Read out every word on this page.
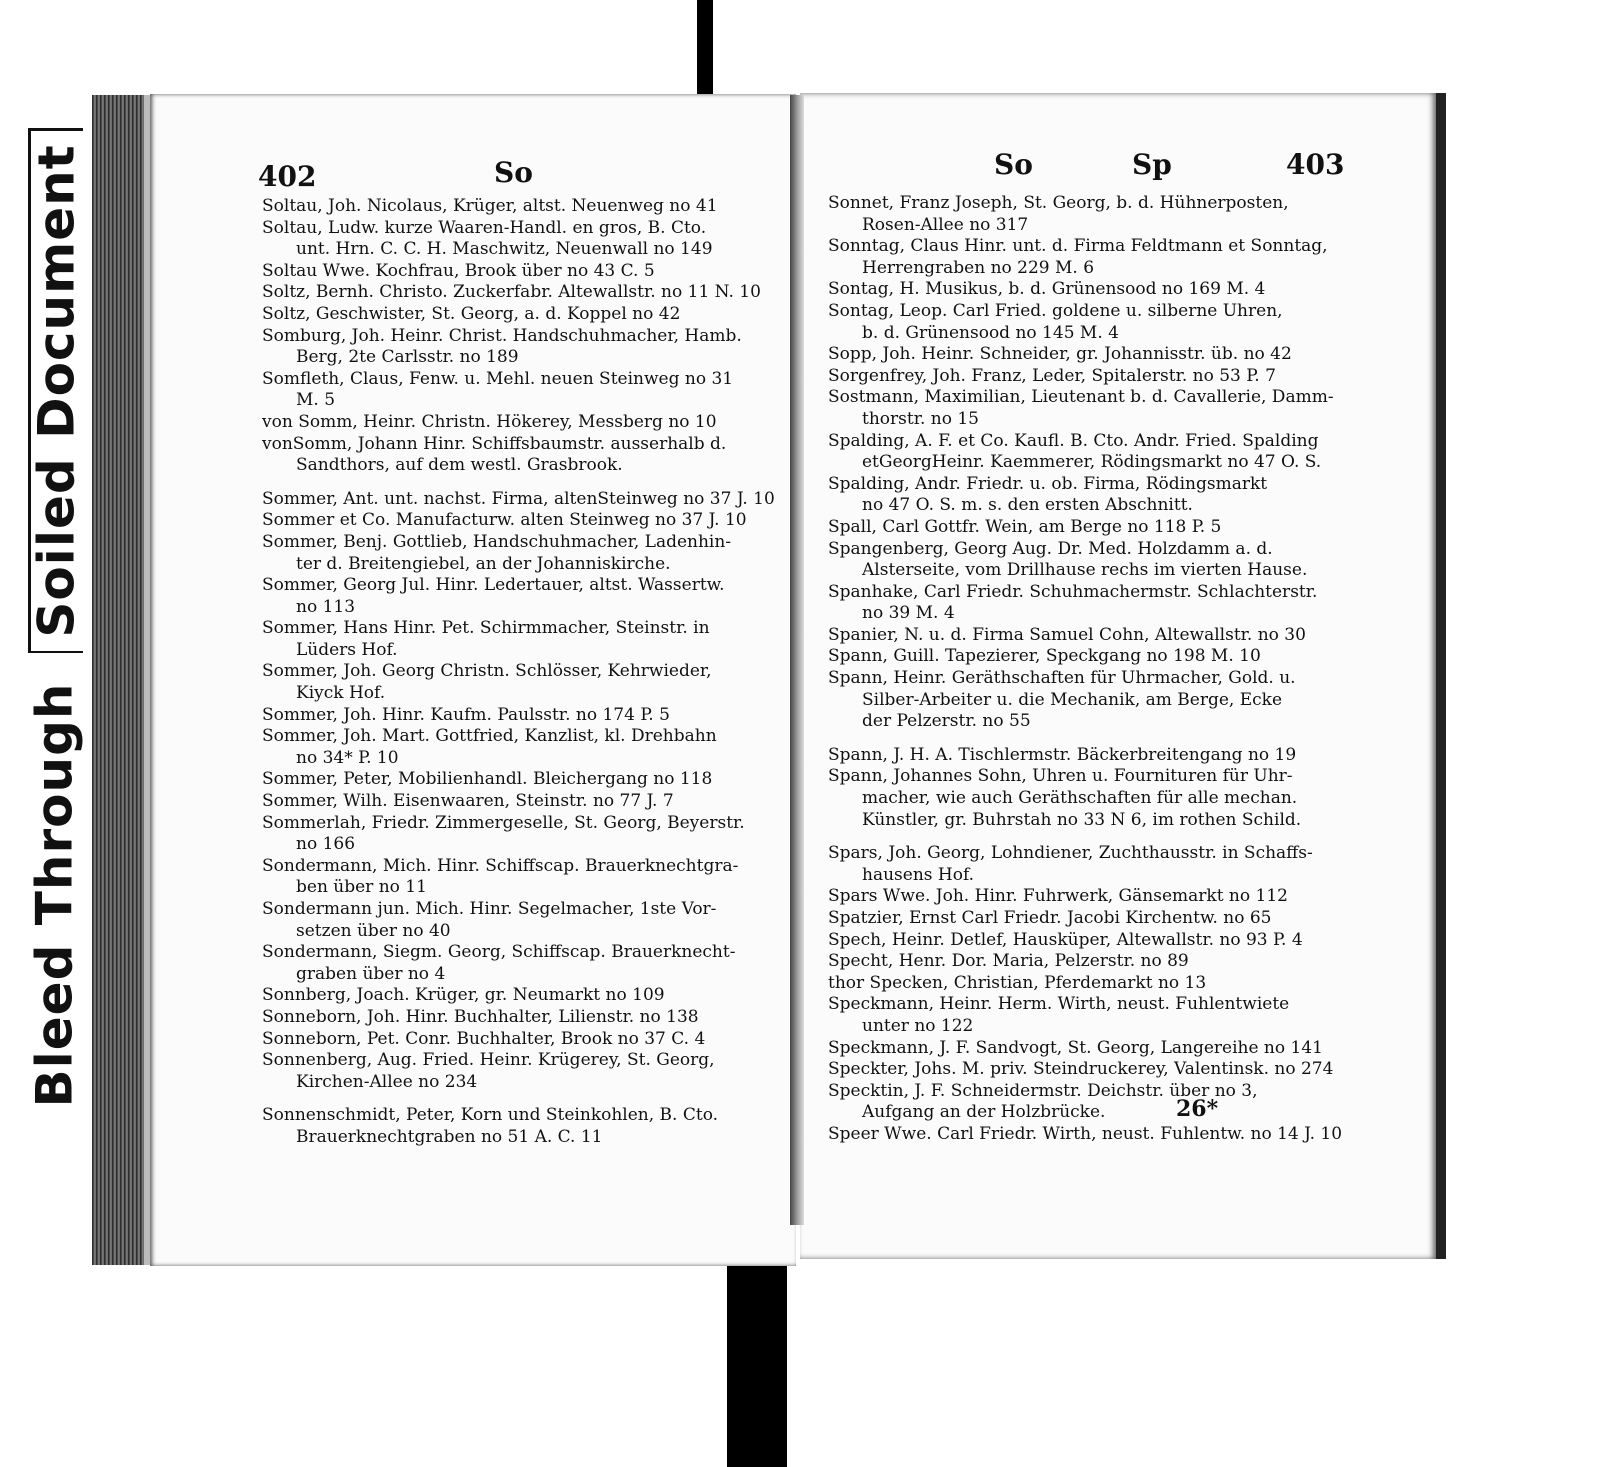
Soiled Document
Bleed Through
402	So	So	Sp	403
Soltau, Joh. Nicolaus, Krüger, altst. Neuenweg no 41
Soltau, Ludw. kurze Waaren-Handl. en gros, B. Cto.
unt. Hrn. C. C. H. Maschwitz, Neuenwall no 149
Soltau Wwe. Kochfrau, Brook über no 43 C. 5
Soltz, Bernh. Christo. Zuckerfabr. Altewallstr. no 11 N. 10
Soltz, Geschwister, St. Georg, a. d. Koppel no 42
Somburg, Joh. Heinr. Christ. Handschuhmacher, Hamb.
Berg, 2te Carlsstr. no 189
Somfleth, Claus, Fenw. u. Mehl. neuen Steinweg no 31
M. 5
von Somm, Heinr. Christn. Hökerey, Messberg no 10
vonSomm, Johann Hinr. Schiffsbaumstr. ausserhalb d.
Sandthors, auf dem westl. Grasbrook.
Sommer, Ant. unt. nachst. Firma, altenSteinweg no 37 J. 10
Sommer et Co. Manufacturw. alten Steinweg no 37 J. 10
Sommer, Benj. Gottlieb, Handschuhmacher, Ladenhin-
ter d. Breitengiebel, an der Johanniskirche.
Sommer, Georg Jul. Hinr. Ledertauer, altst. Wassertw.
no 113
Sommer, Hans Hinr. Pet. Schirmmacher, Steinstr. in
Lüders Hof.
Sommer, Joh. Georg Christn. Schlösser, Kehrwieder,
Kiyck Hof.
Sommer, Joh. Hinr. Kaufm. Paulsstr. no 174 P. 5
Sommer, Joh. Mart. Gottfried, Kanzlist, kl. Drehbahn
no 34* P. 10
Sommer, Peter, Mobilienhandl. Bleichergang no 118
Sommer, Wilh. Eisenwaaren, Steinstr. no 77 J. 7
Sommerlah, Friedr. Zimmergeselle, St. Georg, Beyerstr.
no 166
Sondermann, Mich. Hinr. Schiffscap. Brauerknechtgra-
ben über no 11
Sondermann jun. Mich. Hinr. Segelmacher, 1ste Vor-
setzen über no 40
Sondermann, Siegm. Georg, Schiffscap. Brauerknecht-
graben über no 4
Sonnberg, Joach. Krüger, gr. Neumarkt no 109
Sonneborn, Joh. Hinr. Buchhalter, Lilienstr. no 138
Sonneborn, Pet. Conr. Buchhalter, Brook no 37 C. 4
Sonnenberg, Aug. Fried. Heinr. Krügerey, St. Georg,
Kirchen-Allee no 234
Sonnenschmidt, Peter, Korn und Steinkohlen, B. Cto.
Brauerknechtgraben no 51 A. C. 11
Sonnet, Franz Joseph, St. Georg, b. d. Hühnerposten,
Rosen-Allee no 317
Sonntag, Claus Hinr. unt. d. Firma Feldtmann et Sonntag,
Herrengraben no 229 M. 6
Sontag, H. Musikus, b. d. Grünensood no 169 M. 4
Sontag, Leop. Carl Fried. goldene u. silberne Uhren,
b. d. Grünensood no 145 M. 4
Sopp, Joh. Heinr. Schneider, gr. Johannisstr. üb. no 42
Sorgenfrey, Joh. Franz, Leder, Spitalerstr. no 53 P. 7
Sostmann, Maximilian, Lieutenant b. d. Cavallerie, Damm-
thorstr. no 15
Spalding, A. F. et Co. Kaufl. B. Cto. Andr. Fried. Spalding
etGeorgHeinr. Kaemmerer, Rödingsmarkt no 47 O. S.
Spalding, Andr. Friedr. u. ob. Firma, Rödingsmarkt
no 47 O. S. m. s. den ersten Abschnitt.
Spall, Carl Gottfr. Wein, am Berge no 118 P. 5
Spangenberg, Georg Aug. Dr. Med. Holzdamm a. d.
Alsterseite, vom Drillhause rechs im vierten Hause.
Spanhake, Carl Friedr. Schuhmachermstr. Schlachterstr.
no 39 M. 4
Spanier, N. u. d. Firma Samuel Cohn, Altewallstr. no 30
Spann, Guill. Tapezierer, Speckgang no 198 M. 10
Spann, Heinr. Geräthschaften für Uhrmacher, Gold. u.
Silber-Arbeiter u. die Mechanik, am Berge, Ecke
der Pelzerstr. no 55
Spann, J. H. A. Tischlermstr. Bäckerbreitengang no 19
Spann, Johannes Sohn, Uhren u. Fournituren für Uhr-
macher, wie auch Geräthschaften für alle mechan.
Künstler, gr. Buhrstah no 33 N 6, im rothen Schild.
Spars, Joh. Georg, Lohndiener, Zuchthausstr. in Schaffs-
hausens Hof.
Spars Wwe. Joh. Hinr. Fuhrwerk, Gänsemarkt no 112
Spatzier, Ernst Carl Friedr. Jacobi Kirchentw. no 65
Spech, Heinr. Detlef, Hausküper, Altewallstr. no 93 P. 4
Specht, Henr. Dor. Maria, Pelzerstr. no 89
thor Specken, Christian, Pferdemarkt no 13
Speckmann, Heinr. Herm. Wirth, neust. Fuhlentwiete
unter no 122
Speckmann, J. F. Sandvogt, St. Georg, Langereihe no 141
Speckter, Johs. M. priv. Steindruckerey, Valentinsk. no 274
Specktin, J. F. Schneidermstr. Deichstr. über no 3,
Aufgang an der Holzbrücke.
Speer Wwe. Carl Friedr. Wirth, neust. Fuhlentw. no 14 J. 10
26*
